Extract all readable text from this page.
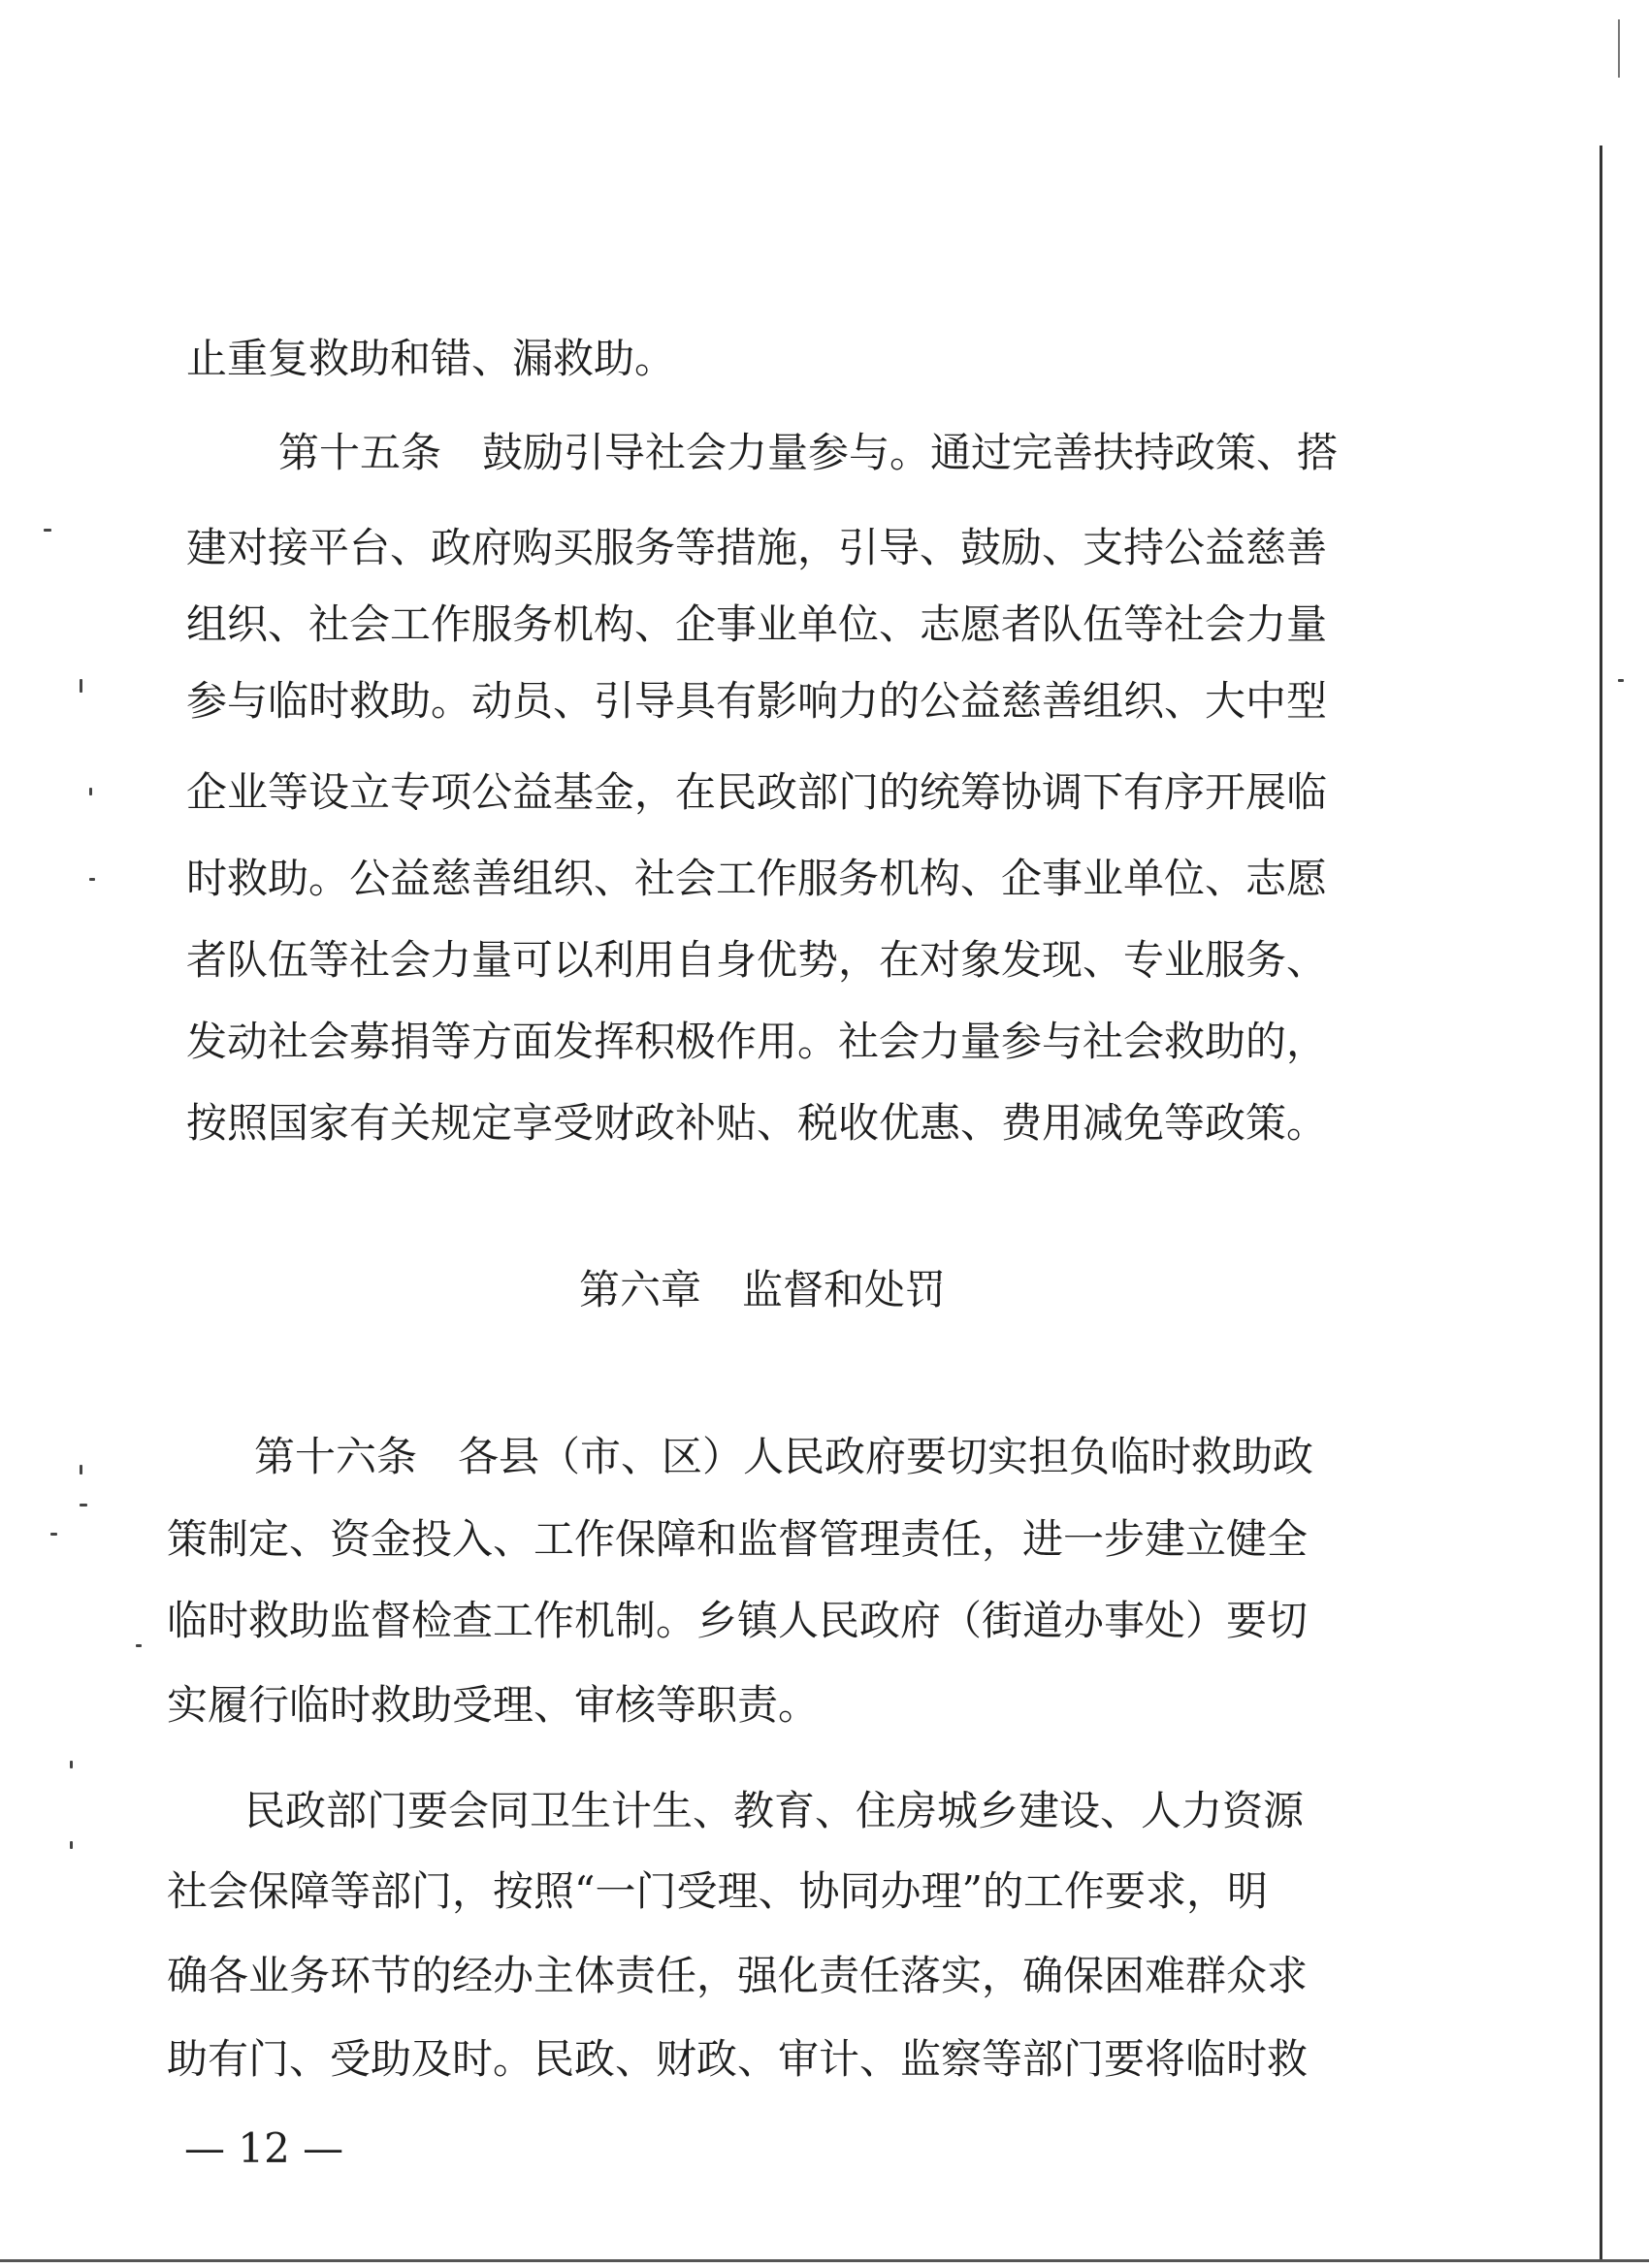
止重复救助和错、漏救助。
第十五条　鼓励引导社会力量参与。通过完善扶持政策、搭
建对接平台、政府购买服务等措施，引导、鼓励、支持公益慈善
组织、社会工作服务机构、企事业单位、志愿者队伍等社会力量
参与临时救助。动员、引导具有影响力的公益慈善组织、大中型
企业等设立专项公益基金，在民政部门的统筹协调下有序开展临
时救助。公益慈善组织、社会工作服务机构、企事业单位、志愿
者队伍等社会力量可以利用自身优势，在对象发现、专业服务、
发动社会募捐等方面发挥积极作用。社会力量参与社会救助的，
按照国家有关规定享受财政补贴、税收优惠、费用减免等政策。
第六章　监督和处罚
第十六条　各县（市、区）人民政府要切实担负临时救助政
策制定、资金投入、工作保障和监督管理责任，进一步建立健全
临时救助监督检查工作机制。乡镇人民政府（街道办事处）要切
实履行临时救助受理、审核等职责。
民政部门要会同卫生计生、教育、住房城乡建设、人力资源
社会保障等部门，按照“一门受理、协同办理”的工作要求，明
确各业务环节的经办主体责任，强化责任落实，确保困难群众求
助有门、受助及时。民政、财政、审计、监察等部门要将临时救
— 12 —
